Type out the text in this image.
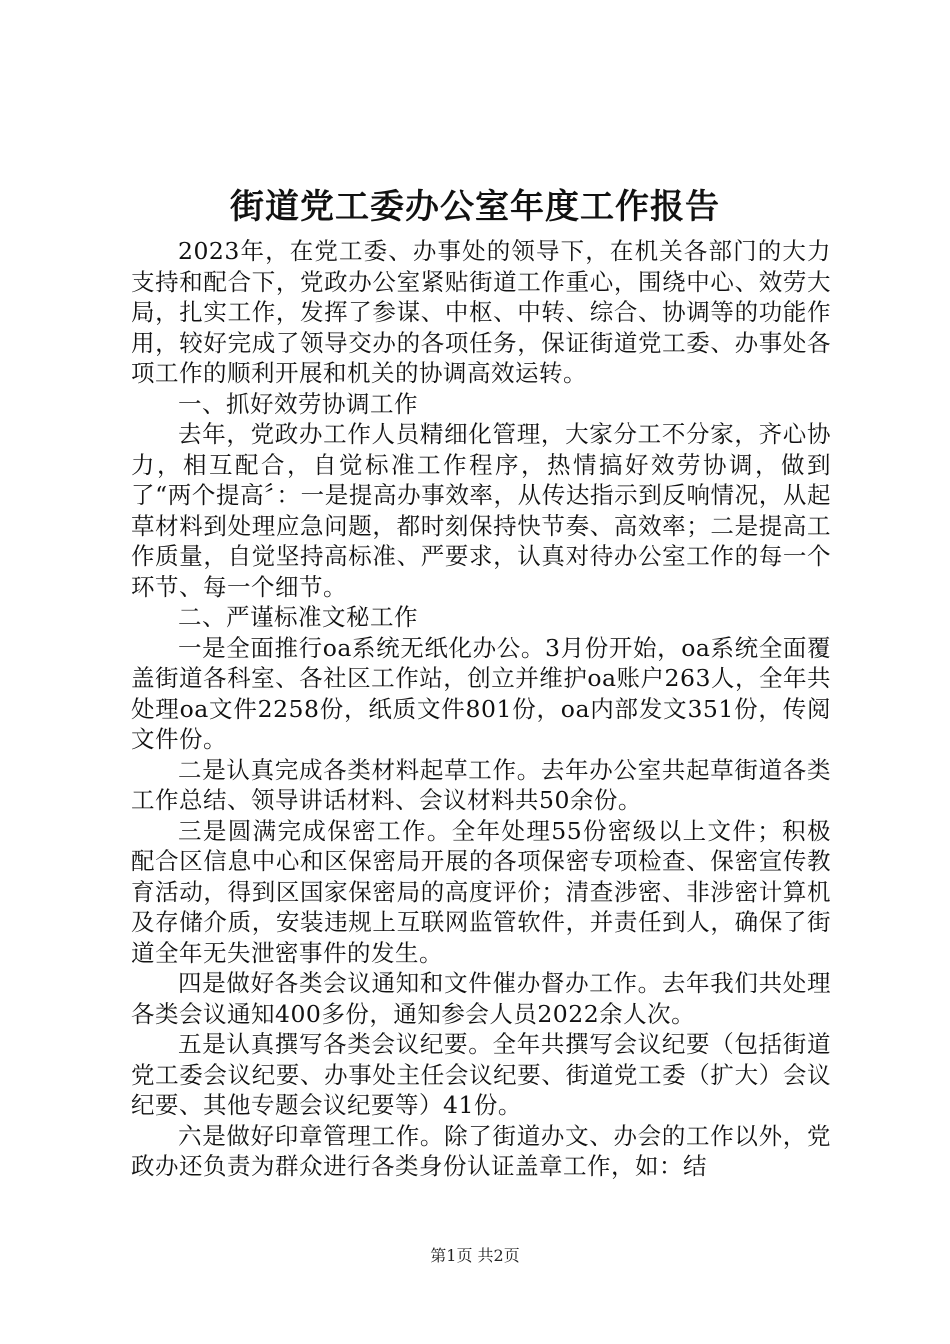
街道党工委办公室年度工作报告

2023年，在党工委、办事处的领导下，在机关各部门的大力支持和配合下，党政办公室紧贴街道工作重心，围绕中心、效劳大局，扎实工作，发挥了参谋、中枢、中转、综合、协调等的功能作用，较好完成了领导交办的各项任务，保证街道党工委、办事处各项工作的顺利开展和机关的协调高效运转。

一、抓好效劳协调工作

去年，党政办工作人员精细化管理，大家分工不分家，齐心协力，相互配合，自觉标准工作程序，热情搞好效劳协调，做到了“两个提高〞：一是提高办事效率，从传达指示到反响情况，从起草材料到处理应急问题，都时刻保持快节奏、高效率；二是提高工作质量，自觉坚持高标准、严要求，认真对待办公室工作的每一个环节、每一个细节。

二、严谨标准文秘工作

一是全面推行oa系统无纸化办公。3月份开始，oa系统全面覆盖街道各科室、各社区工作站，创立并维护oa账户263人，全年共处理oa文件2258份，纸质文件801份，oa内部发文351份，传阅文件份。

二是认真完成各类材料起草工作。去年办公室共起草街道各类工作总结、领导讲话材料、会议材料共50余份。

三是圆满完成保密工作。全年处理55份密级以上文件；积极配合区信息中心和区保密局开展的各项保密专项检查、保密宣传教育活动，得到区国家保密局的高度评价；清查涉密、非涉密计算机及存储介质，安装违规上互联网监管软件，并责任到人，确保了街道全年无失泄密事件的发生。

四是做好各类会议通知和文件催办督办工作。去年我们共处理各类会议通知400多份，通知参会人员2022余人次。

五是认真撰写各类会议纪要。全年共撰写会议纪要（包括街道党工委会议纪要、办事处主任会议纪要、街道党工委（扩大）会议纪要、其他专题会议纪要等）41份。

六是做好印章管理工作。除了街道办文、办会的工作以外，党政办还负责为群众进行各类身份认证盖章工作，如：结

第1页 共2页
